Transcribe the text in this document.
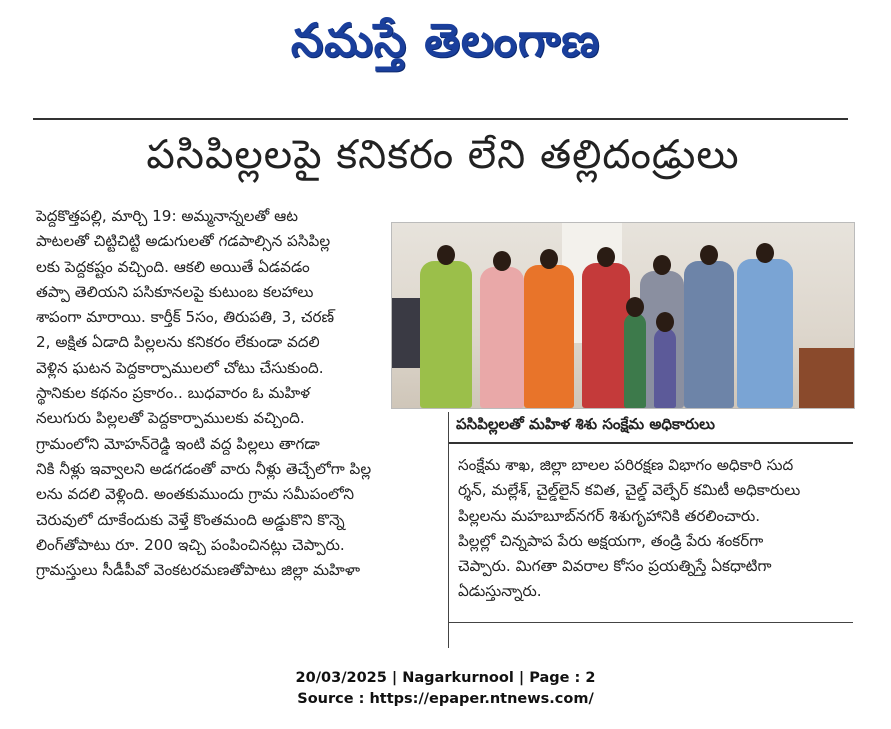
నమస్తే తెలంగాణ
పసిపిల్లలపై కనికరం లేని తల్లిదండ్రులు

పెద్దకొత్తపల్లి, మార్చి 19: అమ్మనాన్నలతో ఆట

పాటలతో చిట్టిచిట్టి అడుగులతో గడపాల్సిన పసిపిల్ల

లకు పెద్దకష్టం వచ్చింది. ఆకలి అయితే ఏడవడం

తప్పా తెలియని పసికూనలపై కుటుంబ కలహాలు

శాపంగా మారాయి. కార్తీక్ 5సం, తిరుపతి, 3, చరణ్

2, అక్షిత ఏడాది పిల్లలను కనికరం లేకుండా వదలి

వెళ్లిన ఘటన పెద్దకార్పాములలో చోటు చేసుకుంది.

స్థానికుల కథనం ప్రకారం.. బుధవారం ఓ మహిళ

నలుగురు పిల్లలతో పెద్దకార్పాములకు వచ్చింది.

గ్రామంలోని మోహన్‌రెడ్డి ఇంటి వద్ద పిల్లలు తాగడా

నికి నీళ్లు ఇవ్వాలని అడగడంతో వారు నీళ్లు తెచ్చేలోగా పిల్ల

లను వదలి వెళ్లింది. అంతకుముందు గ్రామ సమీపంలోని

చెరువులో దూకేందుకు వెళ్తే కొంతమంది అడ్డుకొని కొన్నె

లింగ్‌తోపాటు రూ. 200 ఇచ్చి పంపించినట్లు చెప్పారు.

గ్రామస్తులు సీడీపీవో వెంకటరమణతోపాటు జిల్లా మహిళా

పసిపిల్లలతో మహిళ శిశు సంక్షేమ అధికారులు

సంక్షేమ శాఖ, జిల్లా బాలల పరిరక్షణ విభాగం అధికారి సుద

ర్శన్, మల్లేశ్, చైల్డ్‌లైన్ కవిత, చైల్డ్ వెల్ఫేర్ కమిటీ అధికారులు

పిల్లలను మహబూబ్‌నగర్ శిశుగృహానికి తరలించారు.

పిల్లల్లో చిన్నపాప పేరు అక్షయగా, తండ్రి పేరు శంకర్‌గా

చెప్పారు. మిగతా వివరాల కోసం ప్రయత్నిస్తే ఏకధాటిగా

ఏడుస్తున్నారు.

20/03/2025 | Nagarkurnool | Page : 2
Source : https://epaper.ntnews.com/
